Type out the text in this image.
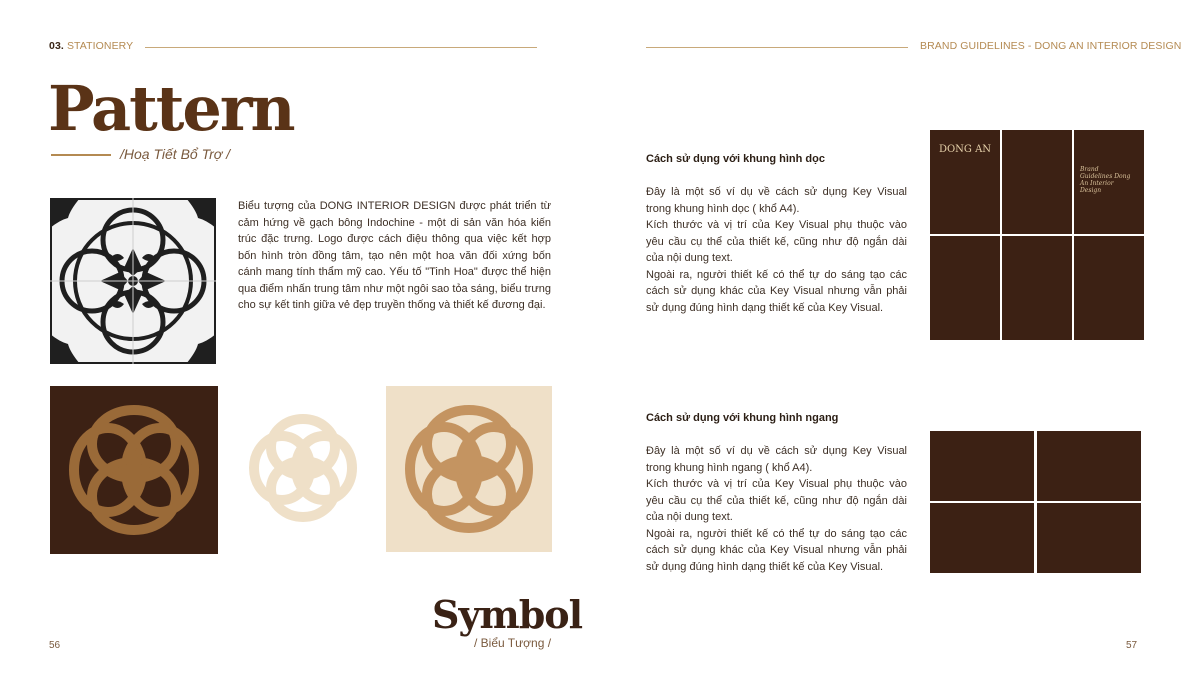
03. STATIONERY	BRAND GUIDELINES - DONG AN INTERIOR DESIGN
Pattern
/Hoạ Tiết Bổ Trợ /
Biểu tượng của DONG INTERIOR DESIGN được phát triển từ cảm hứng về gạch bông Indochine - một di sản văn hóa kiến trúc đặc trưng. Logo được cách điệu thông qua việc kết hợp bốn hình tròn đồng tâm, tạo nên một hoa văn đối xứng bốn cánh mang tính thẩm mỹ cao. Yếu tố "Tinh Hoa" được thể hiện qua điểm nhấn trung tâm như một ngôi sao tỏa sáng, biểu trưng cho sự kết tinh giữa vẻ đẹp truyền thống và thiết kế đương đại.
Symbol
/ Biểu Tượng /
56
Cách sử dụng với khung hình dọc
Đây là một số ví dụ về cách sử dụng Key Visual trong khung hình dọc ( khổ A4).
Kích thước và vị trí của Key Visual phụ thuộc vào yêu cầu cụ thể của thiết kế, cũng như độ ngắn dài của nội dung text.
Ngoài ra, người thiết kế có thể tự do sáng tạo các cách sử dụng khác của Key Visual nhưng vẫn phải sử dụng đúng hình dạng thiết kế của Key Visual.
Cách sử dụng với khung hình ngang
Đây là một số ví dụ về cách sử dụng Key Visual trong khung hình ngang ( khổ A4).
Kích thước và vị trí của Key Visual phụ thuộc vào yêu cầu cụ thể của thiết kế, cũng như độ ngắn dài của nội dung text.
Ngoài ra, người thiết kế có thể tự do sáng tạo các cách sử dụng khác của Key Visual nhưng vẫn phải sử dụng đúng hình dạng thiết kế của Key Visual.
DONG AN
Brand Guidelines Dong An Interior Design
57
